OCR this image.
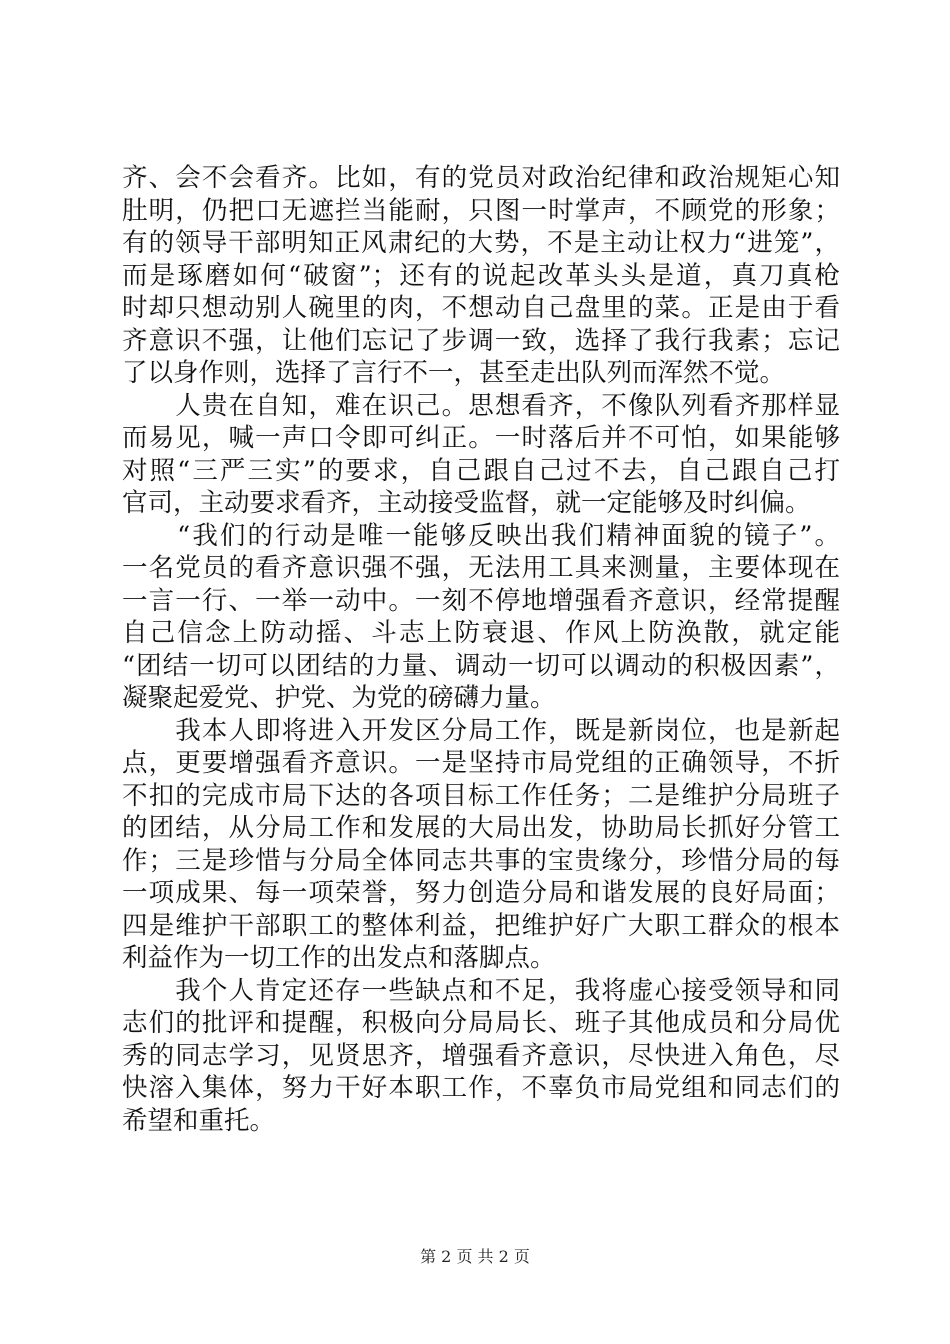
齐、会不会看齐。比如，有的党员对政治纪律和政治规矩心知
肚明，仍把口无遮拦当能耐，只图一时掌声，不顾党的形象；
有的领导干部明知正风肃纪的大势，不是主动让权力“进笼”，
而是琢磨如何“破窗”；还有的说起改革头头是道，真刀真枪
时却只想动别人碗里的肉，不想动自己盘里的菜。正是由于看
齐意识不强，让他们忘记了步调一致，选择了我行我素；忘记
了以身作则，选择了言行不一，甚至走出队列而浑然不觉。
　　人贵在自知，难在识己。思想看齐，不像队列看齐那样显
而易见，喊一声口令即可纠正。一时落后并不可怕，如果能够
对照“三严三实”的要求，自己跟自己过不去，自己跟自己打
官司，主动要求看齐，主动接受监督，就一定能够及时纠偏。
　　“我们的行动是唯一能够反映出我们精神面貌的镜子”。
一名党员的看齐意识强不强，无法用工具来测量，主要体现在
一言一行、一举一动中。一刻不停地增强看齐意识，经常提醒
自己信念上防动摇、斗志上防衰退、作风上防涣散，就定能
“团结一切可以团结的力量、调动一切可以调动的积极因素”，
凝聚起爱党、护党、为党的磅礴力量。
　　我本人即将进入开发区分局工作，既是新岗位，也是新起
点，更要增强看齐意识。一是坚持市局党组的正确领导，不折
不扣的完成市局下达的各项目标工作任务；二是维护分局班子
的团结，从分局工作和发展的大局出发，协助局长抓好分管工
作；三是珍惜与分局全体同志共事的宝贵缘分，珍惜分局的每
一项成果、每一项荣誉，努力创造分局和谐发展的良好局面；
四是维护干部职工的整体利益，把维护好广大职工群众的根本
利益作为一切工作的出发点和落脚点。
　　我个人肯定还存一些缺点和不足，我将虚心接受领导和同
志们的批评和提醒，积极向分局局长、班子其他成员和分局优
秀的同志学习，见贤思齐，增强看齐意识，尽快进入角色，尽
快溶入集体，努力干好本职工作，不辜负市局党组和同志们的
希望和重托。
第 2 页 共 2 页
